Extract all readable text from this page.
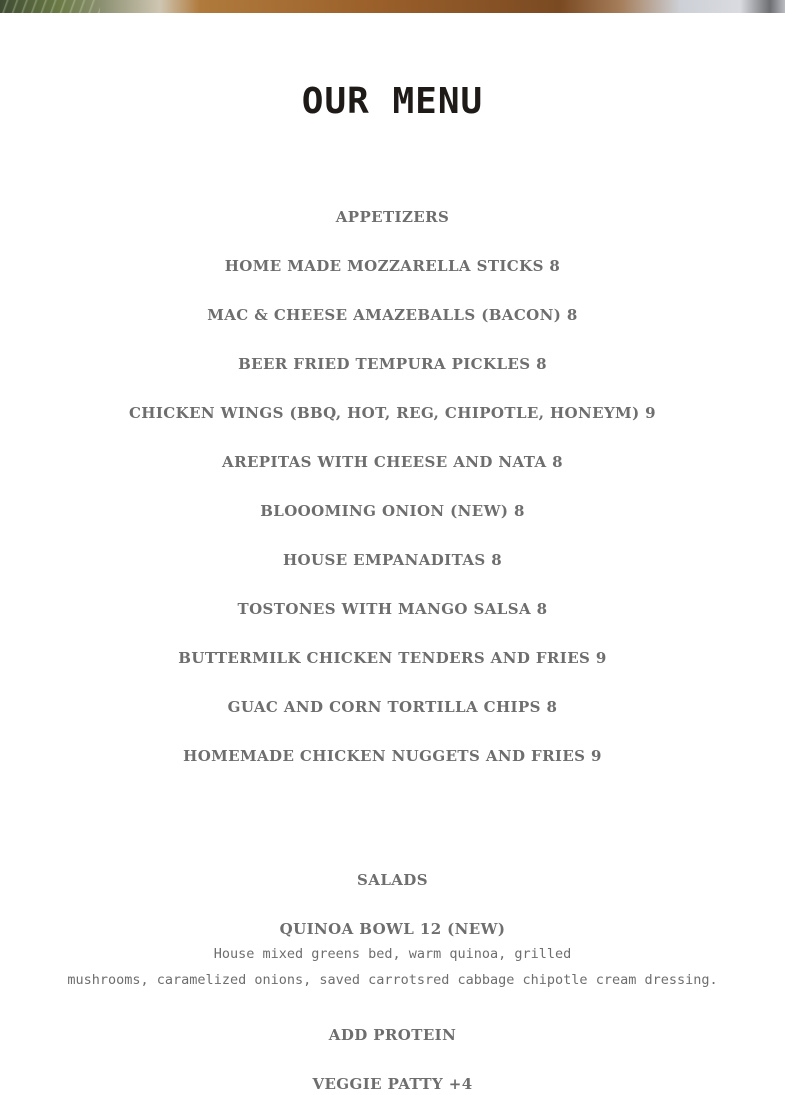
OUR MENU
APPETIZERS
HOME MADE MOZZARELLA STICKS 8
MAC & CHEESE AMAZEBALLS (BACON) 8
BEER FRIED TEMPURA PICKLES 8
CHICKEN WINGS (BBQ, HOT, REG, CHIPOTLE, HONEYM) 9
AREPITAS WITH CHEESE AND NATA 8
BLOOOMING ONION (NEW) 8
HOUSE EMPANADITAS 8
TOSTONES WITH MANGO SALSA 8
BUTTERMILK CHICKEN TENDERS AND FRIES 9
GUAC AND CORN TORTILLA CHIPS 8
HOMEMADE CHICKEN NUGGETS AND FRIES 9
SALADS
QUINOA BOWL 12 (NEW)
House mixed greens bed, warm quinoa, grilled
mushrooms, caramelized onions, saved carrotsred cabbage chipotle cream dressing.
ADD PROTEIN
VEGGIE PATTY +4
